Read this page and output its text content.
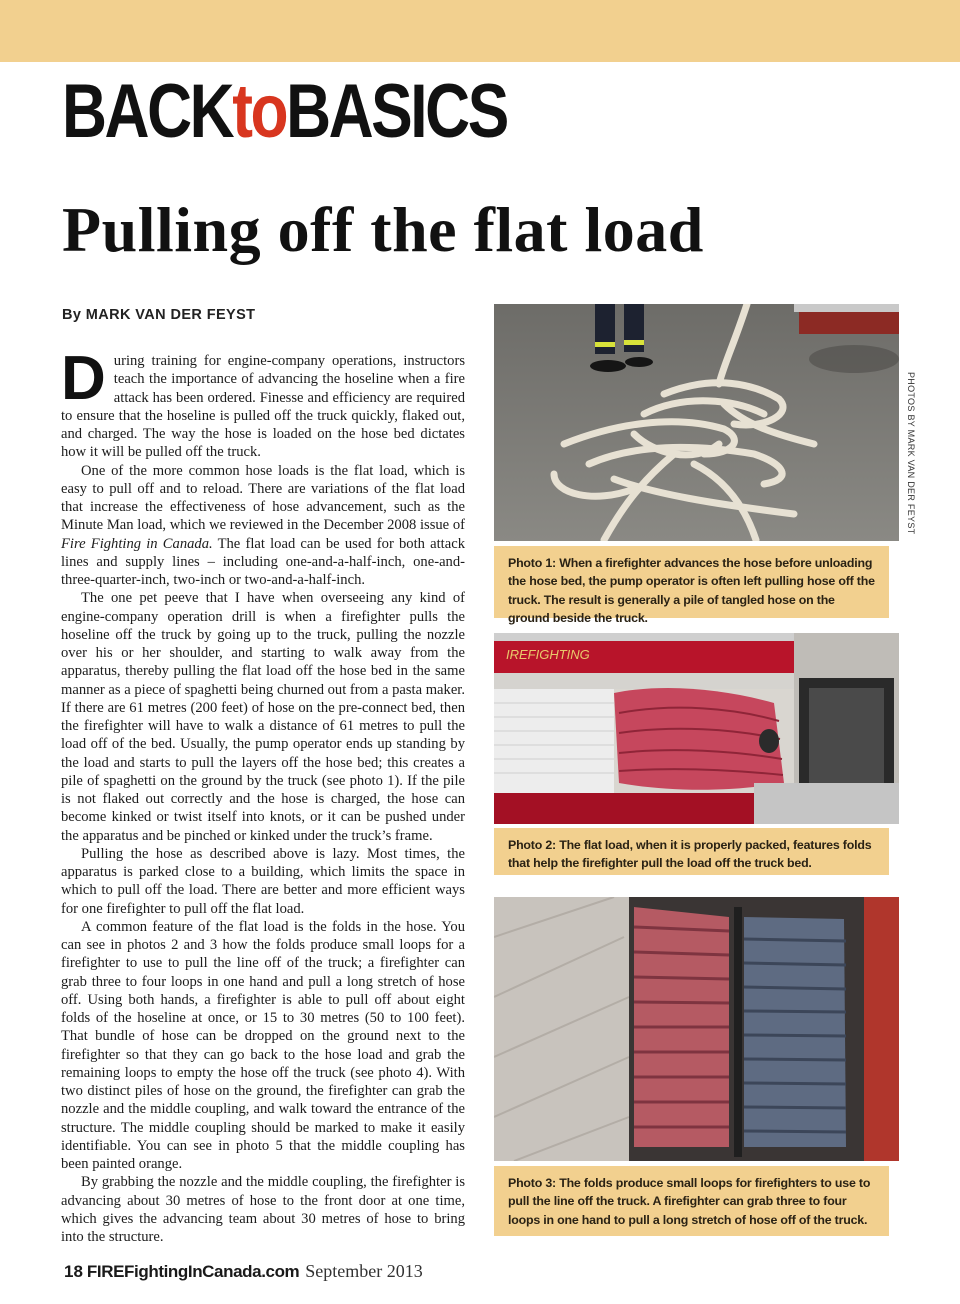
BACKtoBASICS
Pulling off the flat load
By MARK VAN DER FEYST

During training for engine-company operations, instructors teach the importance of advancing the hoseline when a fire attack has been ordered. Finesse and efficiency are required to ensure that the hoseline is pulled off the truck quickly, flaked out, and charged. The way the hose is loaded on the hose bed dictates how it will be pulled off the truck.

One of the more common hose loads is the flat load, which is easy to pull off and to reload. There are variations of the flat load that increase the effectiveness of hose advancement, such as the Minute Man load, which we reviewed in the December 2008 issue of Fire Fighting in Canada. The flat load can be used for both attack lines and supply lines – including one-and-a-half-inch, one-and-three-quarter-inch, two-inch or two-and-a-half-inch.

The one pet peeve that I have when overseeing any kind of engine-company operation drill is when a firefighter pulls the hoseline off the truck by going up to the truck, pulling the nozzle over his or her shoulder, and starting to walk away from the apparatus, thereby pulling the flat load off the hose bed in the same manner as a piece of spaghetti being churned out from a pasta maker. If there are 61 metres (200 feet) of hose on the pre-connect bed, then the firefighter will have to walk a distance of 61 metres to pull the load off of the bed. Usually, the pump operator ends up standing by the load and starts to pull the layers off the hose bed; this creates a pile of spaghetti on the ground by the truck (see photo 1). If the pile is not flaked out correctly and the hose is charged, the hose can become kinked or twist itself into knots, or it can be pushed under the apparatus and be pinched or kinked under the truck’s frame.

Pulling the hose as described above is lazy. Most times, the apparatus is parked close to a building, which limits the space in which to pull off the load. There are better and more efficient ways for one firefighter to pull off the flat load.

A common feature of the flat load is the folds in the hose. You can see in photos 2 and 3 how the folds produce small loops for a firefighter to use to pull the line off of the truck; a firefighter can grab three to four loops in one hand and pull a long stretch of hose off. Using both hands, a firefighter is able to pull off about eight folds of the hoseline at once, or 15 to 30 metres (50 to 100 feet). That bundle of hose can be dropped on the ground next to the firefighter so that they can go back to the hose load and grab the remaining loops to empty the hose off the truck (see photo 4). With two distinct piles of hose on the ground, the firefighter can grab the nozzle and the middle coupling, and walk toward the entrance of the structure. The middle coupling should be marked to make it easily identifiable. You can see in photo 5 that the middle coupling has been painted orange.

By grabbing the nozzle and the middle coupling, the firefighter is advancing about 30 metres of hose to the front door at one time, which gives the advancing team about 30 metres of hose to bring into the structure.

PHOTOS BY MARK VAN DER FEYST
Photo 1: When a firefighter advances the hose before unloading the hose bed, the pump operator is often left pulling hose off the truck. The result is generally a pile of tangled hose on the ground beside the truck.
IREFIGHTING
Photo 2: The flat load, when it is properly packed, features folds that help the firefighter pull the load off the truck bed.
Photo 3: The folds produce small loops for firefighters to use to pull the line off the truck. A firefighter can grab three to four loops in one hand to pull a long stretch of hose off of the truck.
18 FIREFightingInCanada.com September 2013
